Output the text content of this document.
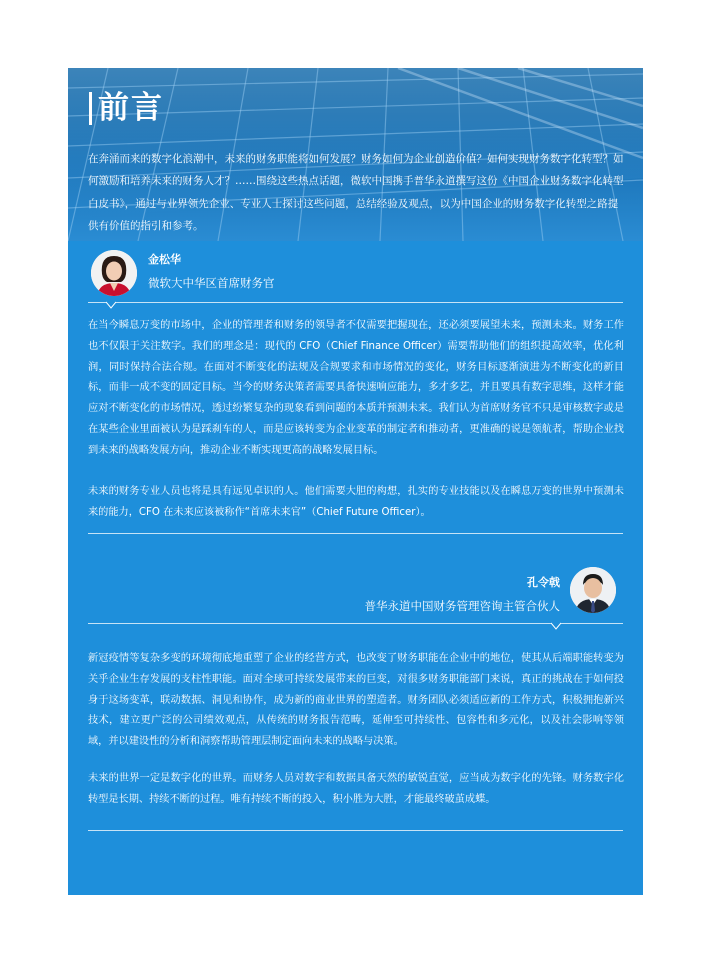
前言

在奔涌而来的数字化浪潮中，未来的财务职能将如何发展？财务如何为企业创造价值？如何实现财务数字化转型？如何激励和培养未来的财务人才？……围绕这些热点话题，微软中国携手普华永道撰写这份《中国企业财务数字化转型白皮书》，通过与业界领先企业、专业人士探讨这些问题，总结经验及观点，以为中国企业的财务数字化转型之路提供有价值的指引和参考。

金松华

微软大中华区首席财务官

在当今瞬息万变的市场中，企业的管理者和财务的领导者不仅需要把握现在，还必须要展望未来，预测未来。财务工作也不仅限于关注数字。我们的理念是：现代的 CFO（Chief Finance Officer）需要帮助他们的组织提高效率，优化利润，同时保持合法合规。在面对不断变化的法规及合规要求和市场情况的变化，财务目标逐渐演进为不断变化的新目标，而非一成不变的固定目标。当今的财务决策者需要具备快速响应能力，多才多艺，并且要具有数字思维，这样才能应对不断变化的市场情况，透过纷繁复杂的现象看到问题的本质并预测未来。我们认为首席财务官不只是审核数字或是在某些企业里面被认为是踩刹车的人，而是应该转变为企业变革的制定者和推动者，更准确的说是领航者，帮助企业找到未来的战略发展方向，推动企业不断实现更高的战略发展目标。

未来的财务专业人员也将是具有远见卓识的人。他们需要大胆的构想，扎实的专业技能以及在瞬息万变的世界中预测未来的能力，CFO 在未来应该被称作“首席未来官”（Chief Future Officer）。

孔令戟

普华永道中国财务管理咨询主管合伙人

新冠疫情等复杂多变的环境彻底地重塑了企业的经营方式，也改变了财务职能在企业中的地位，使其从后端职能转变为关乎企业生存发展的支柱性职能。面对全球可持续发展带来的巨变，对很多财务职能部门来说，真正的挑战在于如何投身于这场变革，联动数据、洞见和协作，成为新的商业世界的塑造者。财务团队必须适应新的工作方式，积极拥抱新兴技术，建立更广泛的公司绩效观点，从传统的财务报告范畴，延伸至可持续性、包容性和多元化，以及社会影响等领域，并以建设性的分析和洞察帮助管理层制定面向未来的战略与决策。

未来的世界一定是数字化的世界。而财务人员对数字和数据具备天然的敏锐直觉，应当成为数字化的先锋。财务数字化转型是长期、持续不断的过程。唯有持续不断的投入，积小胜为大胜，才能最终破茧成蝶。
